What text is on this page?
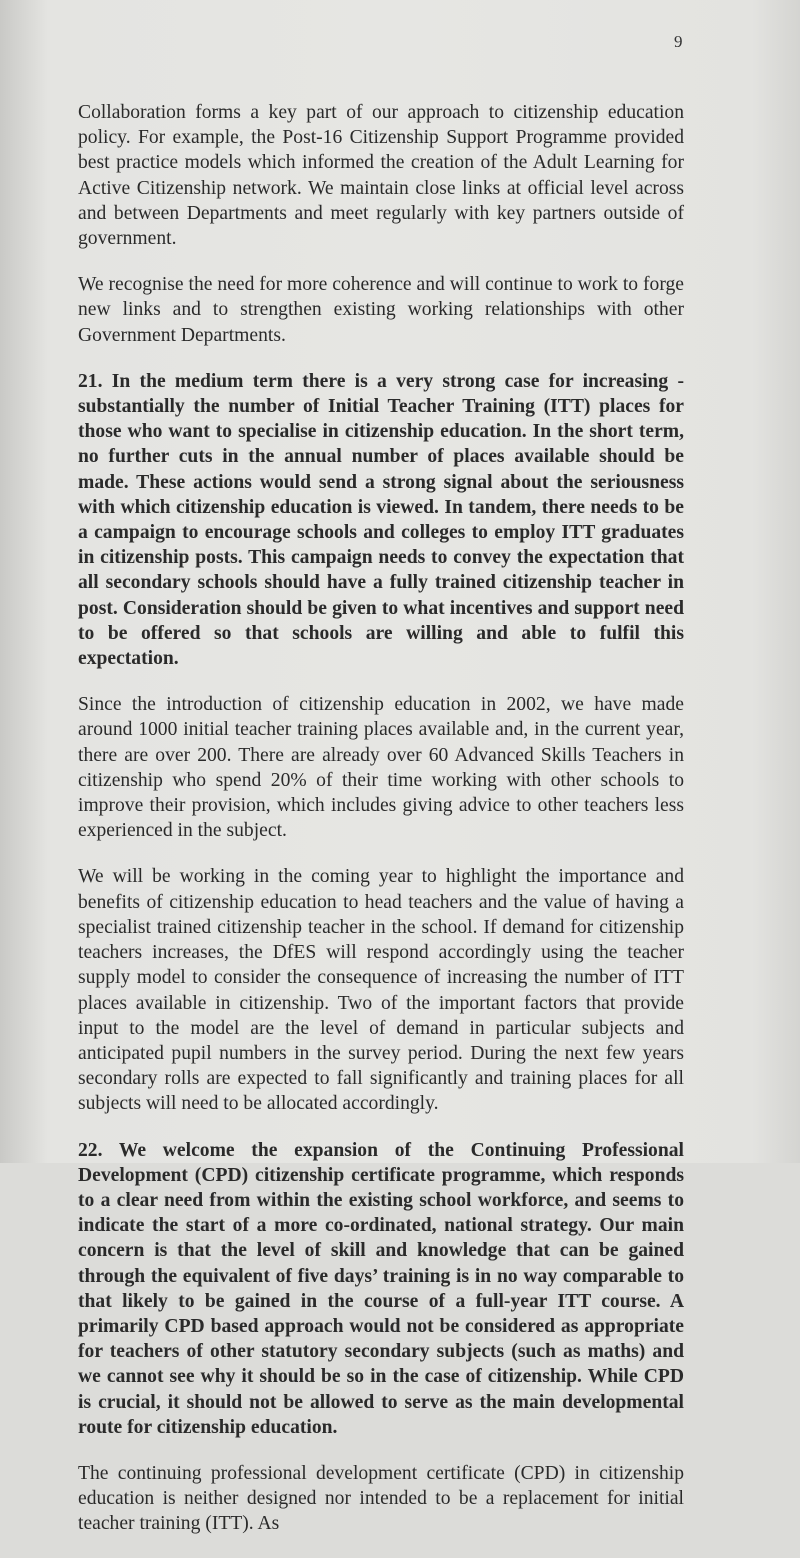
9

Collaboration forms a key part of our approach to citizenship education policy. For example, the Post-16 Citizenship Support Programme provided best practice models which informed the creation of the Adult Learning for Active Citizenship network. We maintain close links at official level across and between Departments and meet regularly with key partners outside of government.

We recognise the need for more coherence and will continue to work to forge new links and to strengthen existing working relationships with other Government Departments.

21. In the medium term there is a very strong case for increasing -substantially the number of Initial Teacher Training (ITT) places for those who want to specialise in citizenship education. In the short term, no further cuts in the annual number of places available should be made. These actions would send a strong signal about the seriousness with which citizenship education is viewed. In tandem, there needs to be a campaign to encourage schools and colleges to employ ITT graduates in citizenship posts. This campaign needs to convey the expectation that all secondary schools should have a fully trained citizenship teacher in post. Consideration should be given to what incentives and support need to be offered so that schools are willing and able to fulfil this expectation.

Since the introduction of citizenship education in 2002, we have made around 1000 initial teacher training places available and, in the current year, there are over 200. There are already over 60 Advanced Skills Teachers in citizenship who spend 20% of their time working with other schools to improve their provision, which includes giving advice to other teachers less experienced in the subject.

We will be working in the coming year to highlight the importance and benefits of citizenship education to head teachers and the value of having a specialist trained citizenship teacher in the school. If demand for citizenship teachers increases, the DfES will respond accordingly using the teacher supply model to consider the consequence of increasing the number of ITT places available in citizenship. Two of the important factors that provide input to the model are the level of demand in particular subjects and anticipated pupil numbers in the survey period. During the next few years secondary rolls are expected to fall significantly and training places for all subjects will need to be allocated accordingly.

22. We welcome the expansion of the Continuing Professional Development (CPD) citizenship certificate programme, which responds to a clear need from within the existing school workforce, and seems to indicate the start of a more co-ordinated, national strategy. Our main concern is that the level of skill and knowledge that can be gained through the equivalent of five days’ training is in no way comparable to that likely to be gained in the course of a full-year ITT course. A primarily CPD based approach would not be considered as appropriate for teachers of other statutory secondary subjects (such as maths) and we cannot see why it should be so in the case of citizenship. While CPD is crucial, it should not be allowed to serve as the main developmental route for citizenship education.

The continuing professional development certificate (CPD) in citizenship education is neither designed nor intended to be a replacement for initial teacher training (ITT). As
